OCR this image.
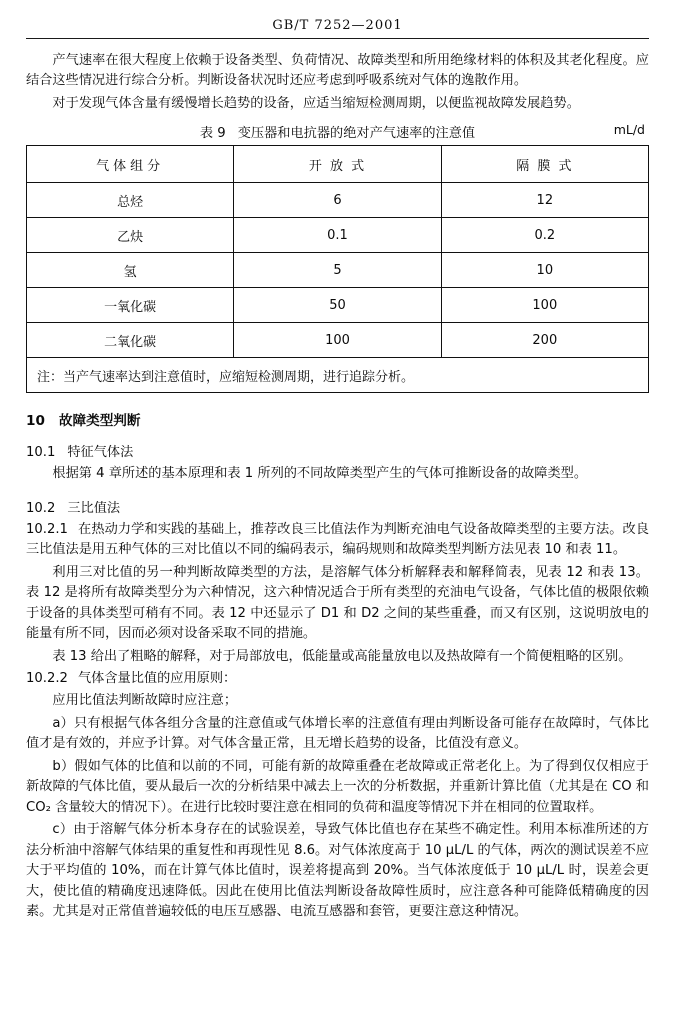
GB/T 7252—2001

产气速率在很大程度上依赖于设备类型、负荷情况、故障类型和所用绝缘材料的体积及其老化程度。应结合这些情况进行综合分析。判断设备状况时还应考虑到呼吸系统对气体的逸散作用。

对于发现气体含量有缓慢增长趋势的设备，应适当缩短检测周期，以便监视故障发展趋势。

表 9 变压器和电抗器的绝对产气速率的注意值	mL/d
气体组分	开 放 式	隔 膜 式
总烃	6	12
乙炔	0.1	0.2
氢	5	10
一氧化碳	50	100
二氧化碳	100	200
注：当产气速率达到注意值时，应缩短检测周期，进行追踪分析。		
10 故障类型判断
10.1 特征气体法

根据第 4 章所述的基本原理和表 1 所列的不同故障类型产生的气体可推断设备的故障类型。

10.2 三比值法

10.2.1 在热动力学和实践的基础上，推荐改良三比值法作为判断充油电气设备故障类型的主要方法。改良三比值法是用五种气体的三对比值以不同的编码表示，编码规则和故障类型判断方法见表 10 和表 11。

利用三对比值的另一种判断故障类型的方法，是溶解气体分析解释表和解释简表，见表 12 和表 13。表 12 是将所有故障类型分为六种情况，这六种情况适合于所有类型的充油电气设备，气体比值的极限依赖于设备的具体类型可稍有不同。表 12 中还显示了 D1 和 D2 之间的某些重叠，而又有区别，这说明放电的能量有所不同，因而必须对设备采取不同的措施。

表 13 给出了粗略的解释，对于局部放电，低能量或高能量放电以及热故障有一个简便粗略的区别。

10.2.2 气体含量比值的应用原则：

应用比值法判断故障时应注意；

a）只有根据气体各组分含量的注意值或气体增长率的注意值有理由判断设备可能存在故障时，气体比值才是有效的，并应予计算。对气体含量正常，且无增长趋势的设备，比值没有意义。

b）假如气体的比值和以前的不同，可能有新的故障重叠在老故障或正常老化上。为了得到仅仅相应于新故障的气体比值，要从最后一次的分析结果中减去上一次的分析数据，并重新计算比值（尤其是在 CO 和 CO₂ 含量较大的情况下）。在进行比较时要注意在相同的负荷和温度等情况下并在相同的位置取样。

c）由于溶解气体分析本身存在的试验误差，导致气体比值也存在某些不确定性。利用本标准所述的方法分析油中溶解气体结果的重复性和再现性见 8.6。对气体浓度高于 10 μL/L 的气体，两次的测试误差不应大于平均值的 10%，而在计算气体比值时，误差将提高到 20%。当气体浓度低于 10 μL/L 时，误差会更大，使比值的精确度迅速降低。因此在使用比值法判断设备故障性质时，应注意各种可能降低精确度的因素。尤其是对正常值普遍较低的电压互感器、电流互感器和套管，更要注意这种情况。
